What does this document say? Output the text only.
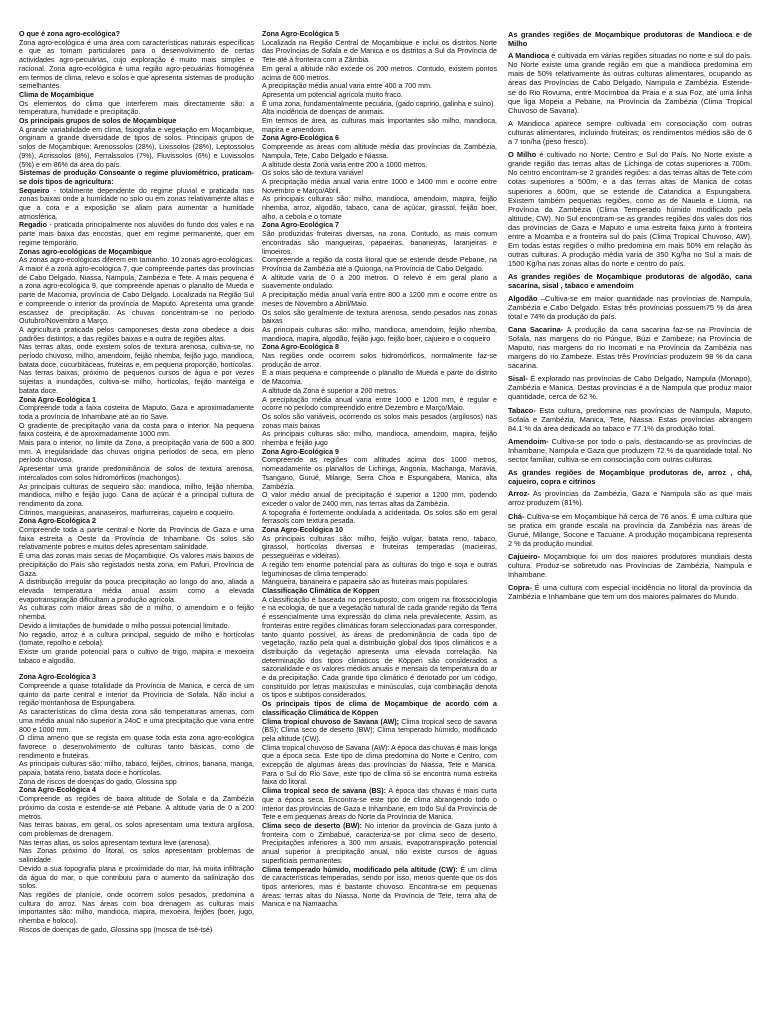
O que é zona agro-ecológica?
Zona agro-ecológica é uma área com características naturais específicas e que as tornam particulares para o desenvolvimento de certas actividades agro-pecuárias, cujo exploração é muito mais simples e racional. Zona agro-ecológica é uma região agro-pecuárias homogénea em termos de clima, relevo e solos e que apresenta sistemas de produção semelhantes.
Clima de Moçambique
Os elementos do clima que interferem mais directamente são: a temperatura, humidade e precipitação.
Os principais grupos de solos de Moçambique
A grande variabilidade em clima, fisiografia e vegetação em Moçambique, originam a grande diversidade de tipos de solos. Principais grupos de solos de Moçambique: Arenossolos (28%), Lixissolos (28%), Leptossolos (9%), Acrissolos (8%), Ferralssolos (7%), Fluvissolos (6%) e Luvissolos (5%) e em 86% da área do país.
Sistemas de produção Consoante o regime pluviométrico, praticam-se dois tipos de agricultura:
Sequeiro - totalmente dependente do regime pluvial e praticada nas zonas baixas onde a humidade no solo ou em zonas relativamente altas e que a cota e a exposição se aliam para aumentar a humidade atmosférica.
Regadio - praticada principalmente nos aluviões do fundo dos vales e na parte mais baixa das encostas, quer em regime permanente, quer em regime temporário.
Zonas agro-ecológicas de Moçambique
As zonas agro-ecológicas diferem em tamanho. 10 zonas agro-ecológicas. A maior é a zona agro-ecológica 7, que compreende partes das províncias de Cabo Delgado, Niassa, Nampula, Zambézia e Tete. A mais pequena é a zona agro-ecológica 9, que compreende apenas o planalto de Mueda e parte de Macomia, província de Cabo Delgado. Localizada na Região Sul e compreende o interior da província de Maputo. Apresenta uma grande escassez de precipitação. As chuvas concentram-se no período Outubro/Novembro a Março.
A agricultura praticada pelos camponeses desta zona obedece a dois padrões distintos: a das regiões baixas e a outra de regiões altas.
Nas terras altas, onde existem solos de textura arenosa, cultiva-se, no período chuvoso, milho, amendoim, feijão nhemba, feijão jugo, mandioca, batata doce, cucurbitáceas, fruteiras e, em pequena proporção, hortícolas.
Nas terras baixas, próximo de pequenos cursos de água e por vezes sujeitas a inundações, cultiva-se milho, hortícolas, feijão manteiga e batata doce.
Zona Agro-Ecológica 1
Compreende toda a faixa costeira de Maputo, Gaza e aproximadamente toda a província de Inhambane até ao rio Save.
O gradiente de precipitação varia da costa para o interior. Na pequena faixa costeira, é de aproximadamente 1000 mm.
Mais para o interior, no limite da Zona, a precipitação varia de 600 a 800 mm. A irregularidade das chuvas origina períodos de seca, em pleno período chuvoso.
Apresentar uma grande predominância de solos de textura arenosa, intercalados com solos hidromórficos (machongos).
As principais culturas de sequeiro são: mandioca, milho, feijão nhemba, mandioca, milho e feijão jugo. Cana de açúcar é a principal cultura de rendimento da zona.
Citrinos, mangueiras, ananaseiros, marfurreiras, cajueiro e coqueiro.
Zona Agro-Ecológica 2
Compreende toda a parte central e Norte da Província de Gaza e uma faixa estreita a Oeste da Província de Inhambane. Os solos são relativamente pobres e muitos deles apresentam salinidade.
É uma das zonas mais secas de Moçambique. Os valores mais baixos de precipitação do País são registados nesta zona, em Pafuri, Província de Gaza.
A distribuição irregular da pouca precipitação ao longo do ano, aliada a elevada temperatura média anual assim como a elevada evapotranspiração dificultam a produção agrícola.
As culturas com maior áreas são de o milho, o amendoim e o feijão nhemba.
Devido a limitações de humidade o milho possui potencial limitado.
No regadio, arroz é a cultura principal, seguido de milho e hortícolas (tomate, repolho e cebola).
Existe um grande potencial para o cultivo de trigo, mapira e mexoeira tabaco e algodão.
Zona Agro-Ecológica 3
Compreende a quase totalidade da Província de Manica, e cerca de um quinto da parte central e interior da Província de Sofala. Não inclui a região montanhosa de Espungabera.
As características do clima desta zona são temperaturas amenas, com uma média anual não superior a 24oC e uma precipitação que varia entre 800 e 1000 mm.
O clima ameno que se regista em quase toda esta zona agro-ecológica favorece o desenvolvimento de culturas tanto básicas, como de rendimento e fruteiras.
As principais culturas são: milho, tabaco, feijões, citrinos, banana, manga, papaia, batata reno, batata doce e hortícolas.
Zona de riscos de doenças do gado, Glossina spp
Zona Agro-Ecológica 4
Compreende as regiões de baixa altitude de Sofala e da Zambézia próximo da costa e estende-se até Pebane. A altitude varia de 0 a 200 metros.
Nas terras baixas, em geral, os solos apresentam uma textura argilosa, com problemas de drenagem.
Nas terras altas, os solos apresentam textura leve (arenosa).
Nas Zonas próximo do litoral, os solos apresentam problemas de salinidade.
Devido a sua topografia plana e proximidade do mar, há muita infiltração da água do mar, o que contribuiu para o aumento da salinização dos solos.
Nas regiões de planície, onde ocorrem solos pesados, predomina a cultura do arroz. Nas áreas com boa drenagem as culturas mais importantes são: milho, mandioca, mapira, mexoeira, feijões (boer, jugo, nhemba e holoco).
Riscos de doenças de gado, Glossina spp (mosca de tsé-tsé)
Zona Agro-Ecológica 5
Localizada na Região Central de Moçambique e inclui os distritos Norte das Províncias de Sofala e de Manica e os distritos a Sul da Província de Tete até à fronteira com a Zâmbia.
Em geral a altitude não excede os 200 metros. Contudo, existem pontos acima de 600 metros.
A precipitação média anual varia entre 400 a 700 mm.
Apresenta um potencial agrícola muito fraco.
É uma zona, fundamentalmente pecuária, (gado caprino, galinha e suíno).
Alta incidência de doenças de animais.
Em termos de área, as culturas mais importantes são milho, mandioca, mapira e amendoim.
Zona Agro-Ecológica 6
Compreende as áreas com altitude média das províncias da Zambézia, Nampula, Tete, Cabo Delgado e Niassa.
A altitude desta Zona varia entre 200 a 1000 metros.
Os solos são de textura variável
A precipitação média anual varia entre 1000 e 1400 mm e ocorre entre Novembro e Março/Abril.
As principais culturas são: milho, mandioca, amendoim, mapira, feijão nhemba, arroz, algodão, tabaco, cana de açúcar, girassol, feijão boer, alho, a cebola e o tomate
Zona Agro-Ecológica 7
São produzidas fruteiras diversas, na zona. Contudo, as mais comum encontradas são mangueiras, papaeiras, bananeiras, laranjeiras e limoeiros.
Compreende a região da costa litoral que se estende desde Pebane, na Província da Zambézia até a Quionga, na Província de Cabo Delgado.
A altitude varia de 0 a 200 metros. O relevo é em geral plano a suavemente ondulado.
A precipitação média anual varia entre 800 a 1200 mm e ocorre entre os meses de Novembro a Abril/Maio.
Os solos são geralmente de textura arenosa, sendo pesados nas zonas baixas
As principais culturas são: milho, mandioca, amendoim, feijão nhemba, mandioca, mapira, algodão, feijão jugo, feijão boer, cajueiro e o coqueiro
Zona Agro-Ecológica 8
Nas regiões onde ocorrem solos hidromórficos, normalmente faz-se produção de arroz.
É a mais pequena e compreende o planalto de Mueda e parte do distrito de Macomia.
A altitude da Zona é superior a 200 metros.
A precipitação média anual varia entre 1000 e 1200 mm, é regular e ocorre no período compreendido entre Dezembro e Março/Maio.
Os solos são variáveis, ocorrendo os solos mais pesados (argilosos) nas zonas mais baixas
As principais culturas são: milho, mandioca, amendoim, mapira, feijão nhemba e feijão jugo
Zona Agro-Ecológica 9
Compreende as regiões com altitudes acima dos 1000 metros, nomeadamente os planaltos de Lichinga, Angonia, Machanga, Marávia, Tsangano, Gurué, Milange, Serra Choa e Espungabera, Manica, alta Zambézia.
O valor médio anual de precipitação é superior a 1200 mm, podendo exceder o valor de 2400 mm, nas terras altas da Zambézia.
A topografia é fortemente ondulada a acidentada. Os solos são em geral ferrasols com textura pesada.
Zona Agro-Ecológica 10
As principais culturas são: milho, feijão vulgar, batata reno, tabaco, girassol, hortícolas diversas e fruteiras temperadas (macieiras, pessegueiras e videiras).
A região tem enorme potencial para as culturas do trigo e soja e outras leguminosas de clima temperado.
Mangueira, bananeira e papaeira são as fruteiras mais populares.
Classificação Climática de Koppen
A classificação é baseada no pressuposto, com origem na fitossociologia e na ecologia, de que a vegetação natural de cada grande região da Terra é essencialmente uma expressão do clima nela prevalecente. Assim, as fronteiras entre regiões climáticas foram seleccionadas para corresponder, tanto quanto possível, às áreas de predominância de cada tipo de vegetação, razão pela qual a distribuição global dos tipos climáticos e a distribuição da vegetação apresenta uma elevada correlação. Na determinação dos tipos climáticos de Köppen são considerados a sazonalidade e os valores médios anuais e mensais da temperatura do ar e da precipitação. Cada grande tipo climático é denotado por um código, constituído por letras maiúsculas e minúsculas, cuja combinação denota os tipos e subtipos considerados.
Os principais tipos de clima de Moçambique de acordo com a classificação Climática de Köppen
Clima tropical chuvoso de Savana (AW); Clima tropical seco de savana (BS); Clima seco de deserto (BW); Clima temperado húmido, modificado pela altitude (CW).
Clima tropical chuvoso de Savana (AW): A época das chuvas é mais longa que a época seca. Este tipo de clima predomina do Norte e Centro, com excepção de algumas áreas das províncias do Niassa, Tete e Manica. Para o Sul do Rio Save, este tipo de clima só se encontra numa estreita faixa do litoral.
Clima tropical seco de savana (BS): A época das chuvas é mais curta que a época seca. Encontra-se este tipo de clima abrangendo todo o interior das províncias de Gaza e Inhambane, em todo Sul da Província de Tete e em pequenas áreas do Norte da Província de Manica.
Clima seco de deserto (BW): No interior da província de Gaza junto à fronteira com o Zimbabué, caracteriza-se por clima seco de deserto, Precipitações inferiores a 300 mm anuais, evapotranspiração potencial anual superior à precipitação anual, não existe cursos de águas superficiais permanentes.
Clima temperado húmido, modificado pela altitude (CW): É um clima de características temperadas, sendo por isso, menos quente que os dos tipos anteriores, mas é bastante chuvoso. Encontra-se em pequenas áreas: terras altas do Niassa, Norte da Província de Tete, terra alta de Manica e na Namaacha.
As grandes regiões de Moçambique produtoras de Mandioca e de Milho
A Mandioca é cultivada em várias regiões situadas no norte e sul do país. No Norte existe uma grande região em que a mandioca predomina em mais de 50% relativamente às outras culturas alimentares, ocupando as áreas das Províncias de Cabo Delgado, Nampula e Zambézia. Estende-se do Rio Rovuma, entre Mocímboa da Praia e a sua Foz, até uma linha que liga Mopeia a Pebane, na Província da Zambézia (Clima Tropical Chuvoso de Savana).
A Mandioca aparece sempre cultivada em consociação com outras culturas alimentares, incluindo fruteiras; os rendimentos médios são de 6 a 7 ton/ha (peso fresco).
O Milho é cultivado no Norte, Centro e Sul do País. No Norte existe a grande região das terras altas de Lichinga de cotas superiores a 700m. No centro encontram-se 2 grandes regiões: a das terras altas de Tete com cotas superiores a 500m, e a das terras altas de Manica de cotas superiores a 600m, que se estende de Catandica a Espungabera. Existem também pequenas regiões, como as de Nauela e Lioma, na Província da Zambézia (Clima Temperado húmido modificado pela altitude, CW). No Sul encontram-se as grandes regiões dos vales dos rios das províncias de Gaza e Maputo e uma estreita faixa junto à fronteira entre a Moamba e a fronteira sul do país (Clima Tropical Chuvoso, AW). Em todas estas regiões o milho predomina em mais 50% em relação às outras culturas. A produção média varia de 350 Kg/ha no Sul a mais de 1500 Kg/ha nas zonas altas do norte e centro do país.
As grandes regiões de Moçambique produtoras de algodão, cana sacarina, sisal , tabaco e amendoim
Algodão –Cultiva-se em maior quantidade nas províncias de Nampula, Zambézia e Cabo Delgado. Estas três províncias possuem75 % da área total e 74% da produção do país.
Cana Sacarina- A produção da cana sacarina faz-se na Província de Sofala, nas margens do rio Púngue, Búzi e Zambeze; na Província de Maputo, nas margens do rio Incomati e na Província da Zambézia nas margens do rio Zambeze. Estas três Províncias produzem 98 % da cana sacarina.
Sisal- É explorado nas províncias de Cabo Delgado, Nampula (Monapo), Zambézia e Manica. Destas províncias é a de Nampula que produz maior quantidade, cerca de 62 %.
Tabaco- Esta cultura, predomina nas províncias de Nampula, Maputo, Sofala e Zambézia, Manica, Tete, Niassa. Estas províncias abrangem 84.1 % da área dedicada ao tabaco e 77.1% da produção total.
Amendoim- Cultiva-se por todo o país, destacando-se as províncias de Inhambane, Nampula e Gaza que produzem 72 % da quantidade total. No sector familiar, cultiva-se em consociação com outras culturas.
As grandes regiões de Moçambique produtoras de, arroz , chá, cajueiro, copra e citrinos
Arroz- As províncias da Zambézia, Gaza e Nampula são as que mais arroz produzem (81%).
Chá- Cultiva-se em Moçambique há cerca de 76 anos. É uma cultura que se pratica em grande escala na província da Zambézia nas áreas de Gurué, Milange, Socone e Tacuane. A produção moçambicana representa 2 % da produção mundial.
Cajueiro- Moçambique foi um dos maiores produtores mundiais desta cultura. Produz-se sobretudo nas Províncias de Zambézia, Nampula e Inhambane.
Copra- É uma cultura com especial incidência no litoral da província da Zambézia e Inhambane que tem um dos maiores palmares do Mundo.
